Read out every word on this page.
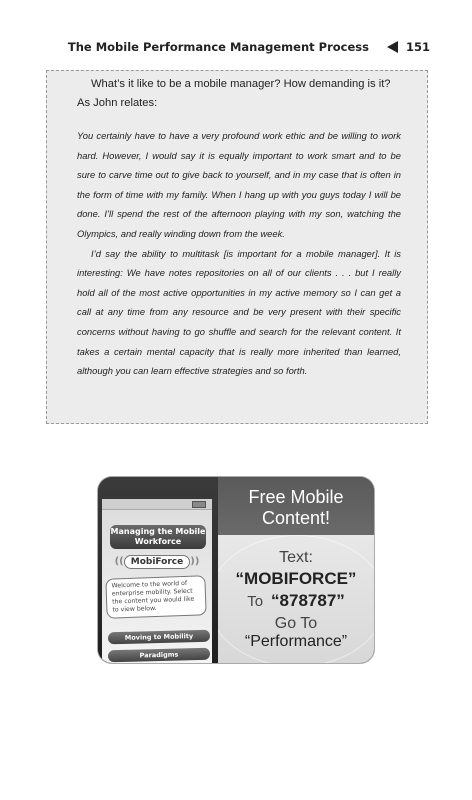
The Mobile Performance Management Process	151

What’s it like to be a mobile manager? How demanding is it? As John relates:

You certainly have to have a very profound work ethic and be willing to work hard. However, I would say it is equally important to work smart and to be sure to carve time out to give back to yourself, and in my case that is often in the form of time with my family. When I hang up with you guys today I will be done. I’ll spend the rest of the afternoon playing with my son, watching the Olympics, and really winding down from the week.

I’d say the ability to multitask [is important for a mobile manager]. It is interesting: We have notes repositories on all of our clients . . . but I really hold all of the most active opportunities in my active memory so I can get a call at any time from any resource and be very present with their specific concerns without having to go shuffle and search for the relevant content. It takes a certain mental capacity that is really more inherited than learned, although you can learn effective strategies and so forth.

Managing the Mobile Workforce
(( MobiForce ))
Welcome to the world of enterprise mobility. Select the content you would like to view below.
Moving to Mobility
Paradigms
Free Mobile Content!
Text:
“MOBIFORCE”
To “878787”
Go To
“Performance”
